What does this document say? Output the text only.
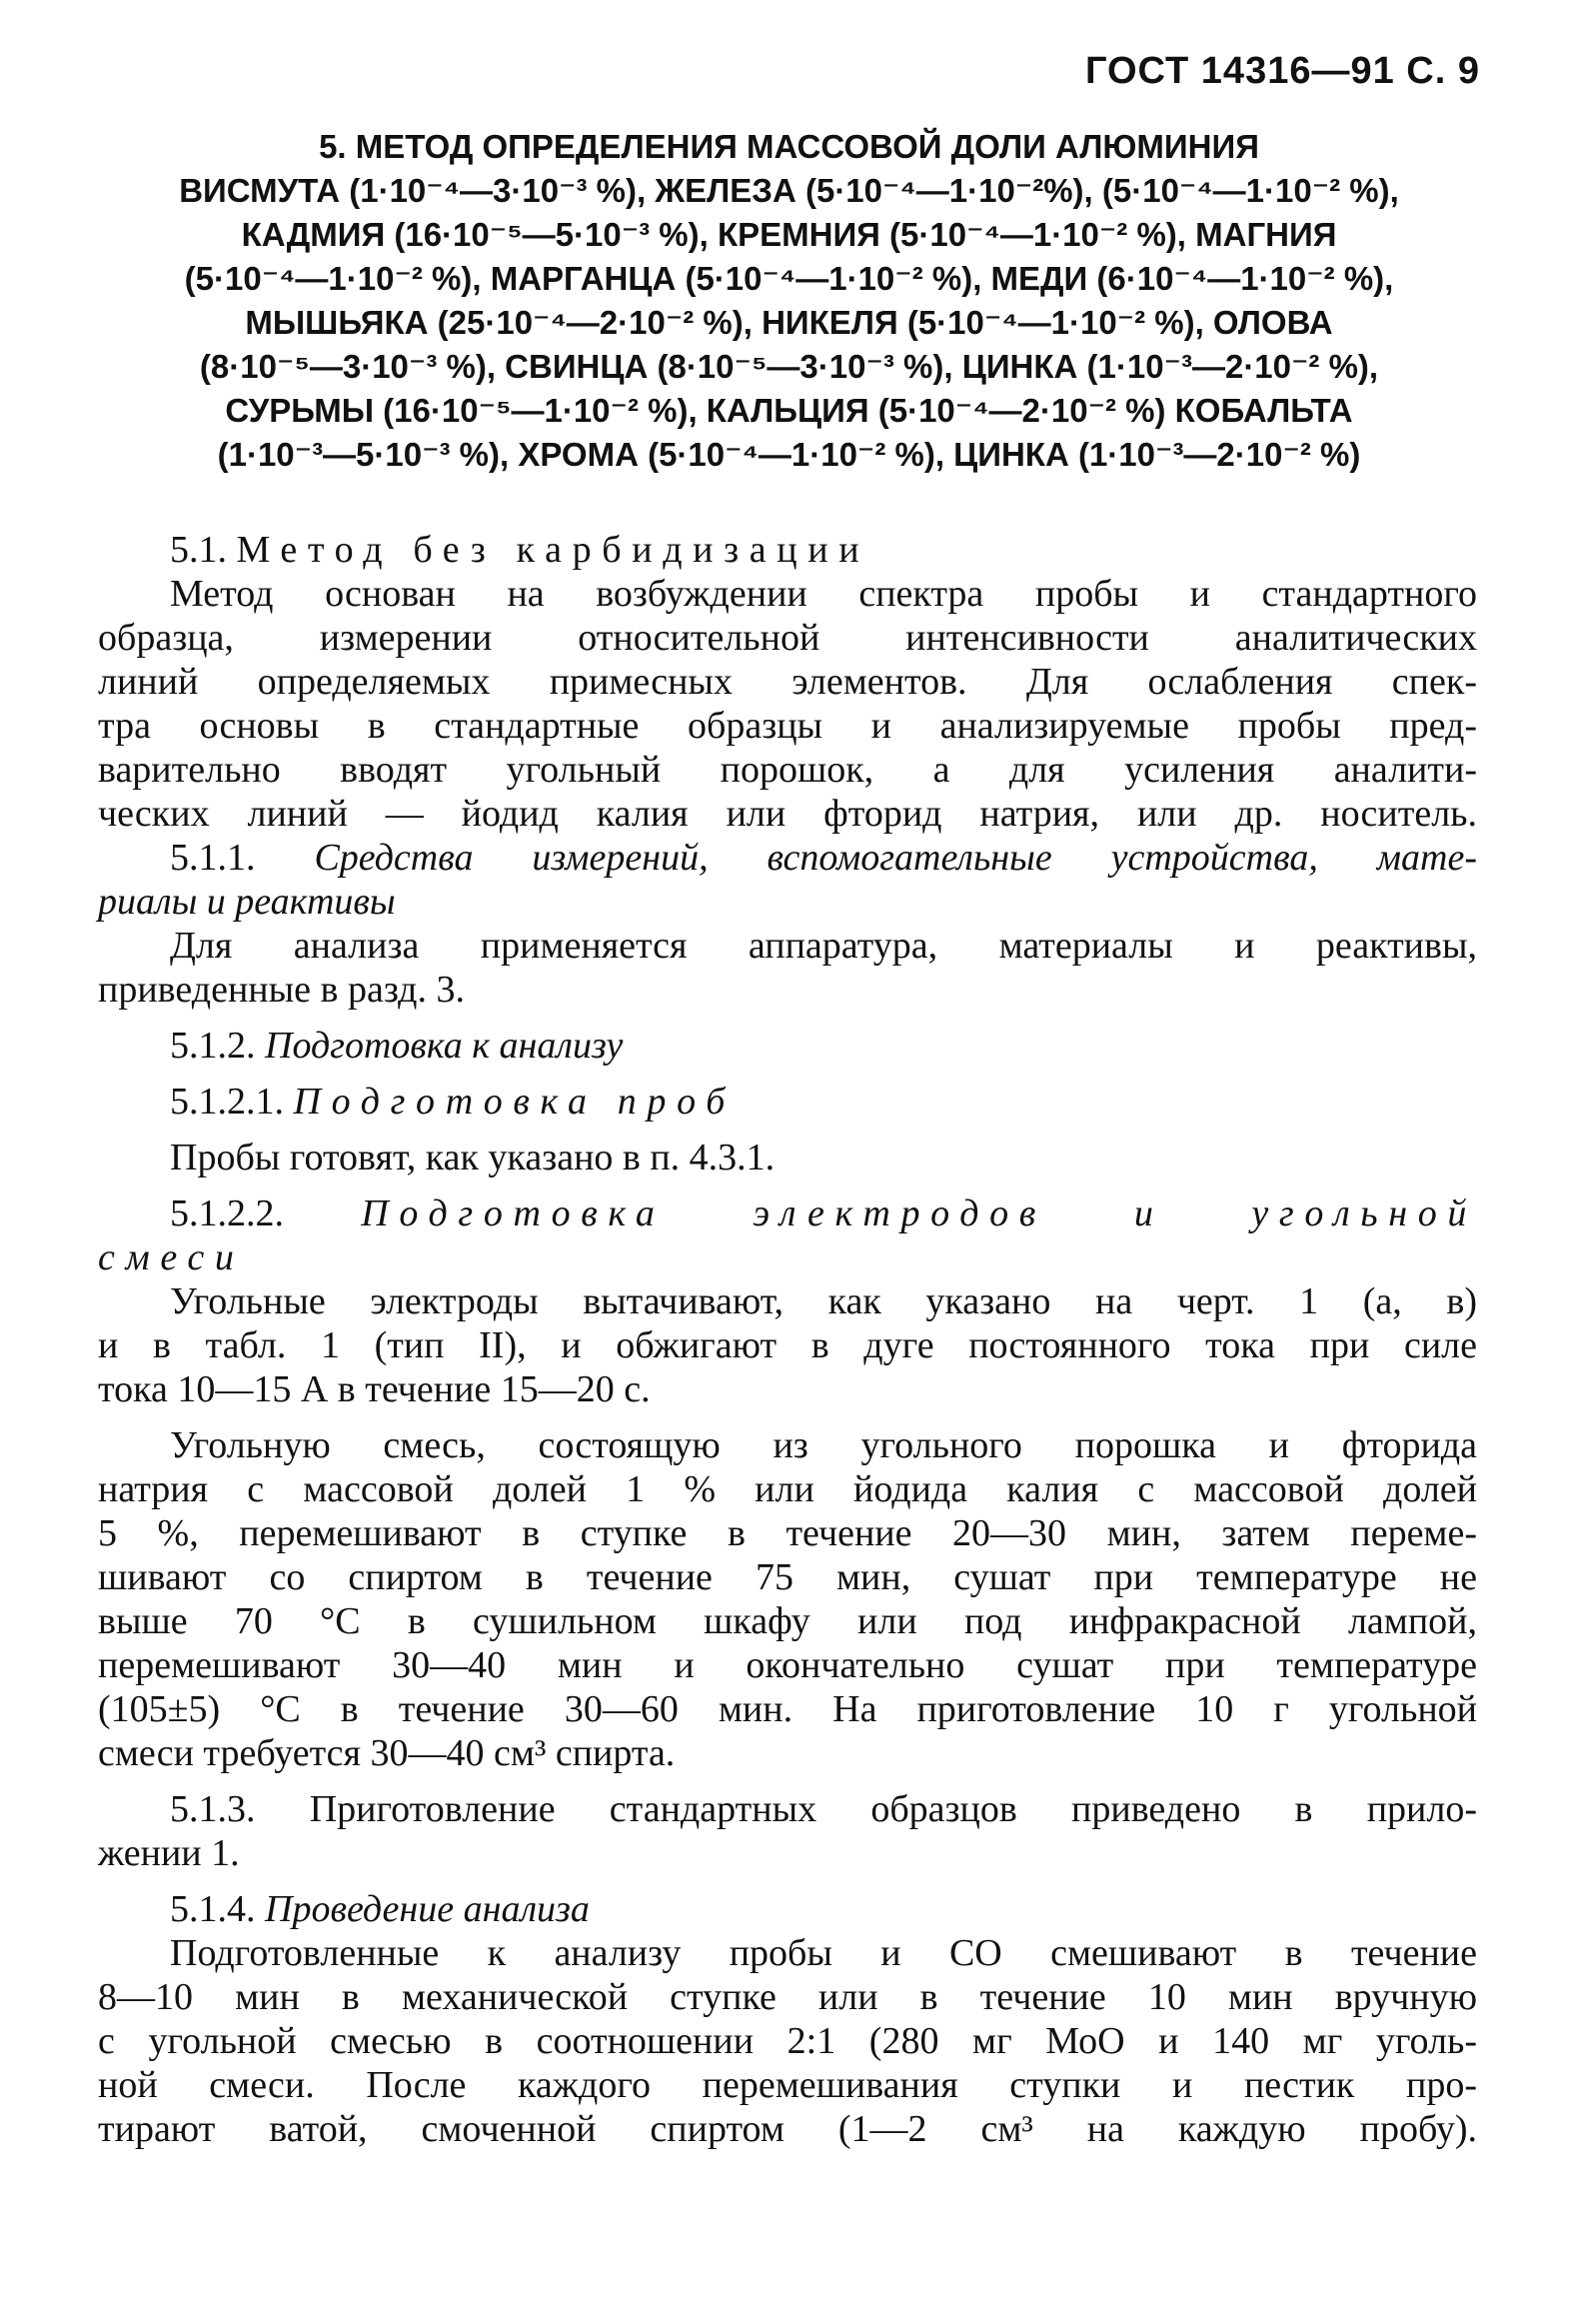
ГОСТ 14316—91 С. 9
5. МЕТОД ОПРЕДЕЛЕНИЯ МАССОВОЙ ДОЛИ АЛЮМИНИЯ
ВИСМУТА (1·10⁻⁴—3·10⁻³ %), ЖЕЛЕЗА (5·10⁻⁴—1·10⁻²%), (5·10⁻⁴—1·10⁻² %),
КАДМИЯ (16·10⁻⁵—5·10⁻³ %), КРЕМНИЯ (5·10⁻⁴—1·10⁻² %), МАГНИЯ
(5·10⁻⁴—1·10⁻² %), МАРГАНЦА (5·10⁻⁴—1·10⁻² %), МЕДИ (6·10⁻⁴—1·10⁻² %),
МЫШЬЯКА (25·10⁻⁴—2·10⁻² %), НИКЕЛЯ (5·10⁻⁴—1·10⁻² %), ОЛОВА
(8·10⁻⁵—3·10⁻³ %), СВИНЦА (8·10⁻⁵—3·10⁻³ %), ЦИНКА (1·10⁻³—2·10⁻² %),
СУРЬМЫ (16·10⁻⁵—1·10⁻² %), КАЛЬЦИЯ (5·10⁻⁴—2·10⁻² %) КОБАЛЬТА
(1·10⁻³—5·10⁻³ %), ХРОМА (5·10⁻⁴—1·10⁻² %), ЦИНКА (1·10⁻³—2·10⁻² %)
5.1. Метод без карбидизации
Метод основан на возбуждении спектра пробы и стандартного
образца, измерении относительной интенсивности аналитических
линий определяемых примесных элементов. Для ослабления спек-
тра основы в стандартные образцы и анализируемые пробы пред-
варительно вводят угольный порошок, а для усиления аналити-
ческих линий — йодид калия или фторид натрия, или др. носитель.
5.1.1. Средства измерений, вспомогательные устройства, мате-
риалы и реактивы
Для анализа применяется аппаратура, материалы и реактивы,
приведенные в разд. 3.
5.1.2. Подготовка к анализу
5.1.2.1. Подготовка проб
Пробы готовят, как указано в п. 4.3.1.
5.1.2.2. Подготовка электродов и угольной
смеси
Угольные электроды вытачивают, как указано на черт. 1 (а, в)
и в табл. 1 (тип II), и обжигают в дуге постоянного тока при силе
тока 10—15 А в течение 15—20 с.
Угольную смесь, состоящую из угольного порошка и фторида
натрия с массовой долей 1 % или йодида калия с массовой долей
5 %, перемешивают в ступке в течение 20—30 мин, затем переме-
шивают со спиртом в течение 75 мин, сушат при температуре не
выше 70 °С в сушильном шкафу или под инфракрасной лампой,
перемешивают 30—40 мин и окончательно сушат при температуре
(105±5) °С в течение 30—60 мин. На приготовление 10 г угольной
смеси требуется 30—40 см³ спирта.
5.1.3. Приготовление стандартных образцов приведено в прило-
жении 1.
5.1.4. Проведение анализа
Подготовленные к анализу пробы и СО смешивают в течение
8—10 мин в механической ступке или в течение 10 мин вручную
с угольной смесью в соотношении 2:1 (280 мг МоО и 140 мг уголь-
ной смеси. После каждого перемешивания ступки и пестик про-
тирают ватой, смоченной спиртом (1—2 см³ на каждую пробу).
